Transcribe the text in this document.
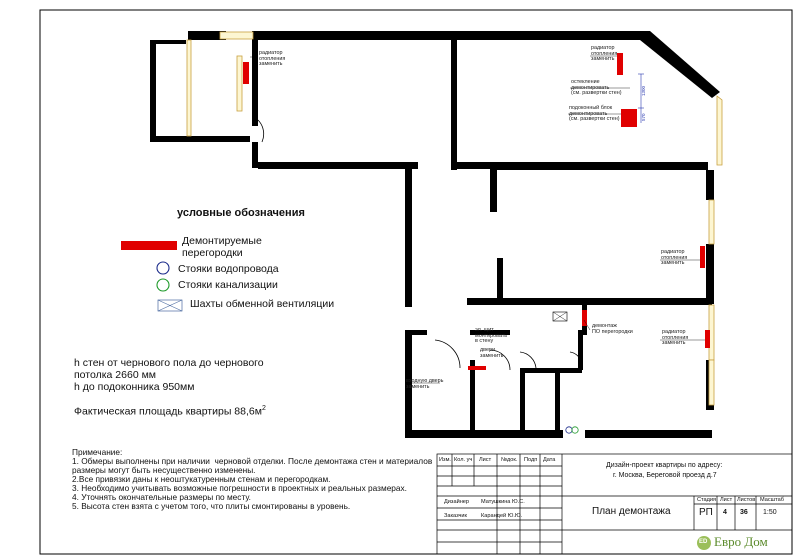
1300
570
условные обозначения
Демонтируемые
перегородки
Стояки водопровода
Стояки канализации
Шахты обменной вентиляции
h стен от чернового пола до чернового
потолка 2660 мм
h до подоконника 950мм
Фактическая площадь квартиры $88,6м^2$
Примечание:
1. Обмеры выполнены при наличии  черновой отделки. После демонтажа стен и материалов
размеры могут быть несущественно изменены.
2.Все привязки даны к неоштукатуренным стенам и перегородкам.
3. Необходимо учитывать возможные погрешности в проектных и реальных размерах.
4. Уточнять окончательные размеры по месту.
5. Высота стен взята с учетом того, что плиты смонтированы в уровень.
радиатор
отопления
заменить
радиатор
отопления
заменить
остекление
демонтировать
(см. развертки стен)
подоконный блок
демонтировать
(см. развертки стен)
радиатор
отопления
заменить
эл. щит
монтировать
в стену
двери
заменить
демонтаж
ПО перегородки	радиатор
отопления
заменить
входную дверь
заменить
Изм. Кол. уч Лист №док. Подп Дата
Дизайн-проект квартиры по адресу:
г. Москва, Береговой проезд д.7
План демонтажа
Дизайнер Матушкина Ю.С.
Заказчик	Карандей Ю.Ю.
Стадия Лист Листов Масштаб
РП 4 36 1:50
ED Евро Дом
